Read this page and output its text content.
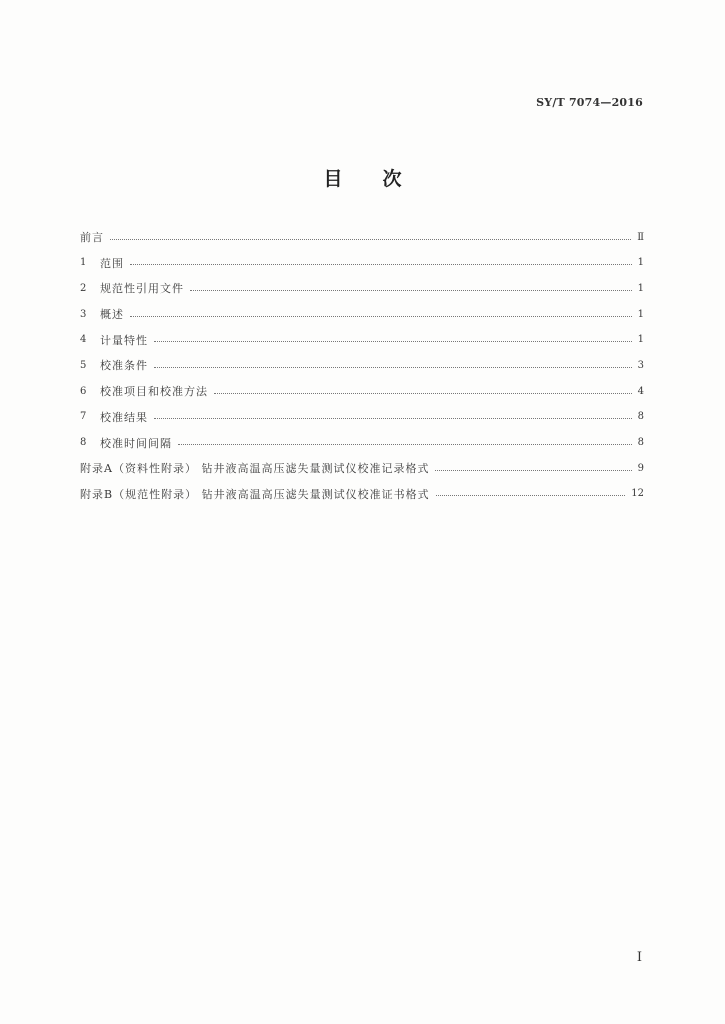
SY/T 7074—2016
目 次
前言	Ⅱ
1	范围	1
2	规范性引用文件	1
3	概述	1
4	计量特性	1
5	校准条件	3
6	校准项目和校准方法	4
7	校准结果	8
8	校准时间间隔	8
附录A（资料性附录） 钻井液高温高压滤失量测试仪校准记录格式	9
附录B（规范性附录） 钻井液高温高压滤失量测试仪校准证书格式	12
Ⅰ
